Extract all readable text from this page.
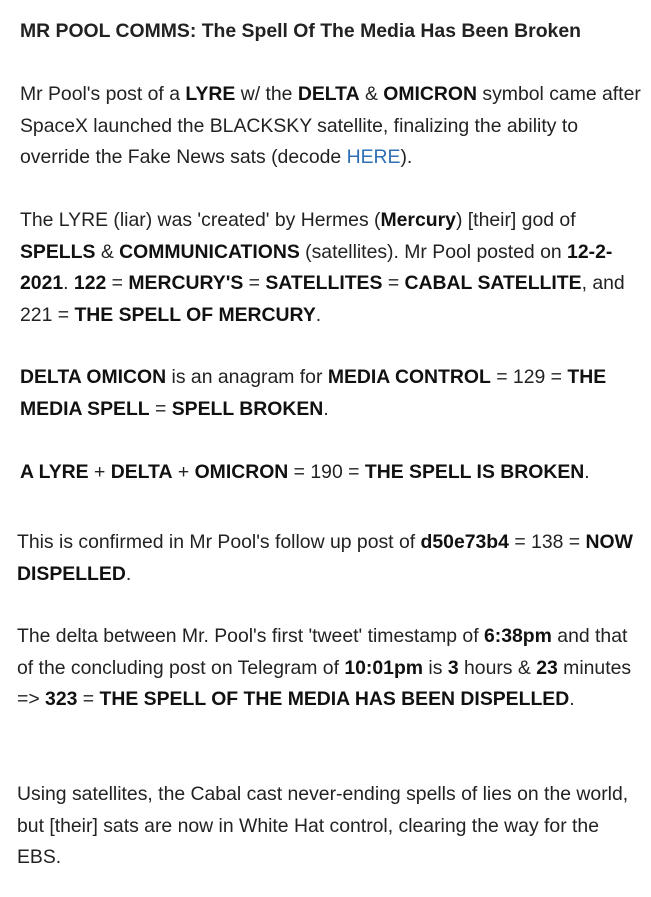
MR POOL COMMS: The Spell Of The Media Has Been Broken

Mr Pool's post of a LYRE w/ the DELTA & OMICRON symbol came after SpaceX launched the BLACKSKY satellite, finalizing the ability to override the Fake News sats (decode HERE).

The LYRE (liar) was 'created' by Hermes (Mercury) [their] god of SPELLS & COMMUNICATIONS (satellites). Mr Pool posted on 12-2-2021. 122 = MERCURY'S = SATELLITES = CABAL SATELLITE, and 221 = THE SPELL OF MERCURY.

DELTA OMICON is an anagram for MEDIA CONTROL = 129 = THE MEDIA SPELL = SPELL BROKEN.

A LYRE + DELTA + OMICRON = 190 = THE SPELL IS BROKEN.

This is confirmed in Mr Pool's follow up post of d50e73b4 = 138 = NOW DISPELLED.

The delta between Mr. Pool's first 'tweet' timestamp of 6:38pm and that of the concluding post on Telegram of 10:01pm is 3 hours & 23 minutes => 323 = THE SPELL OF THE MEDIA HAS BEEN DISPELLED.

Using satellites, the Cabal cast never-ending spells of lies on the world, but [their] sats are now in White Hat control, clearing the way for the EBS.
